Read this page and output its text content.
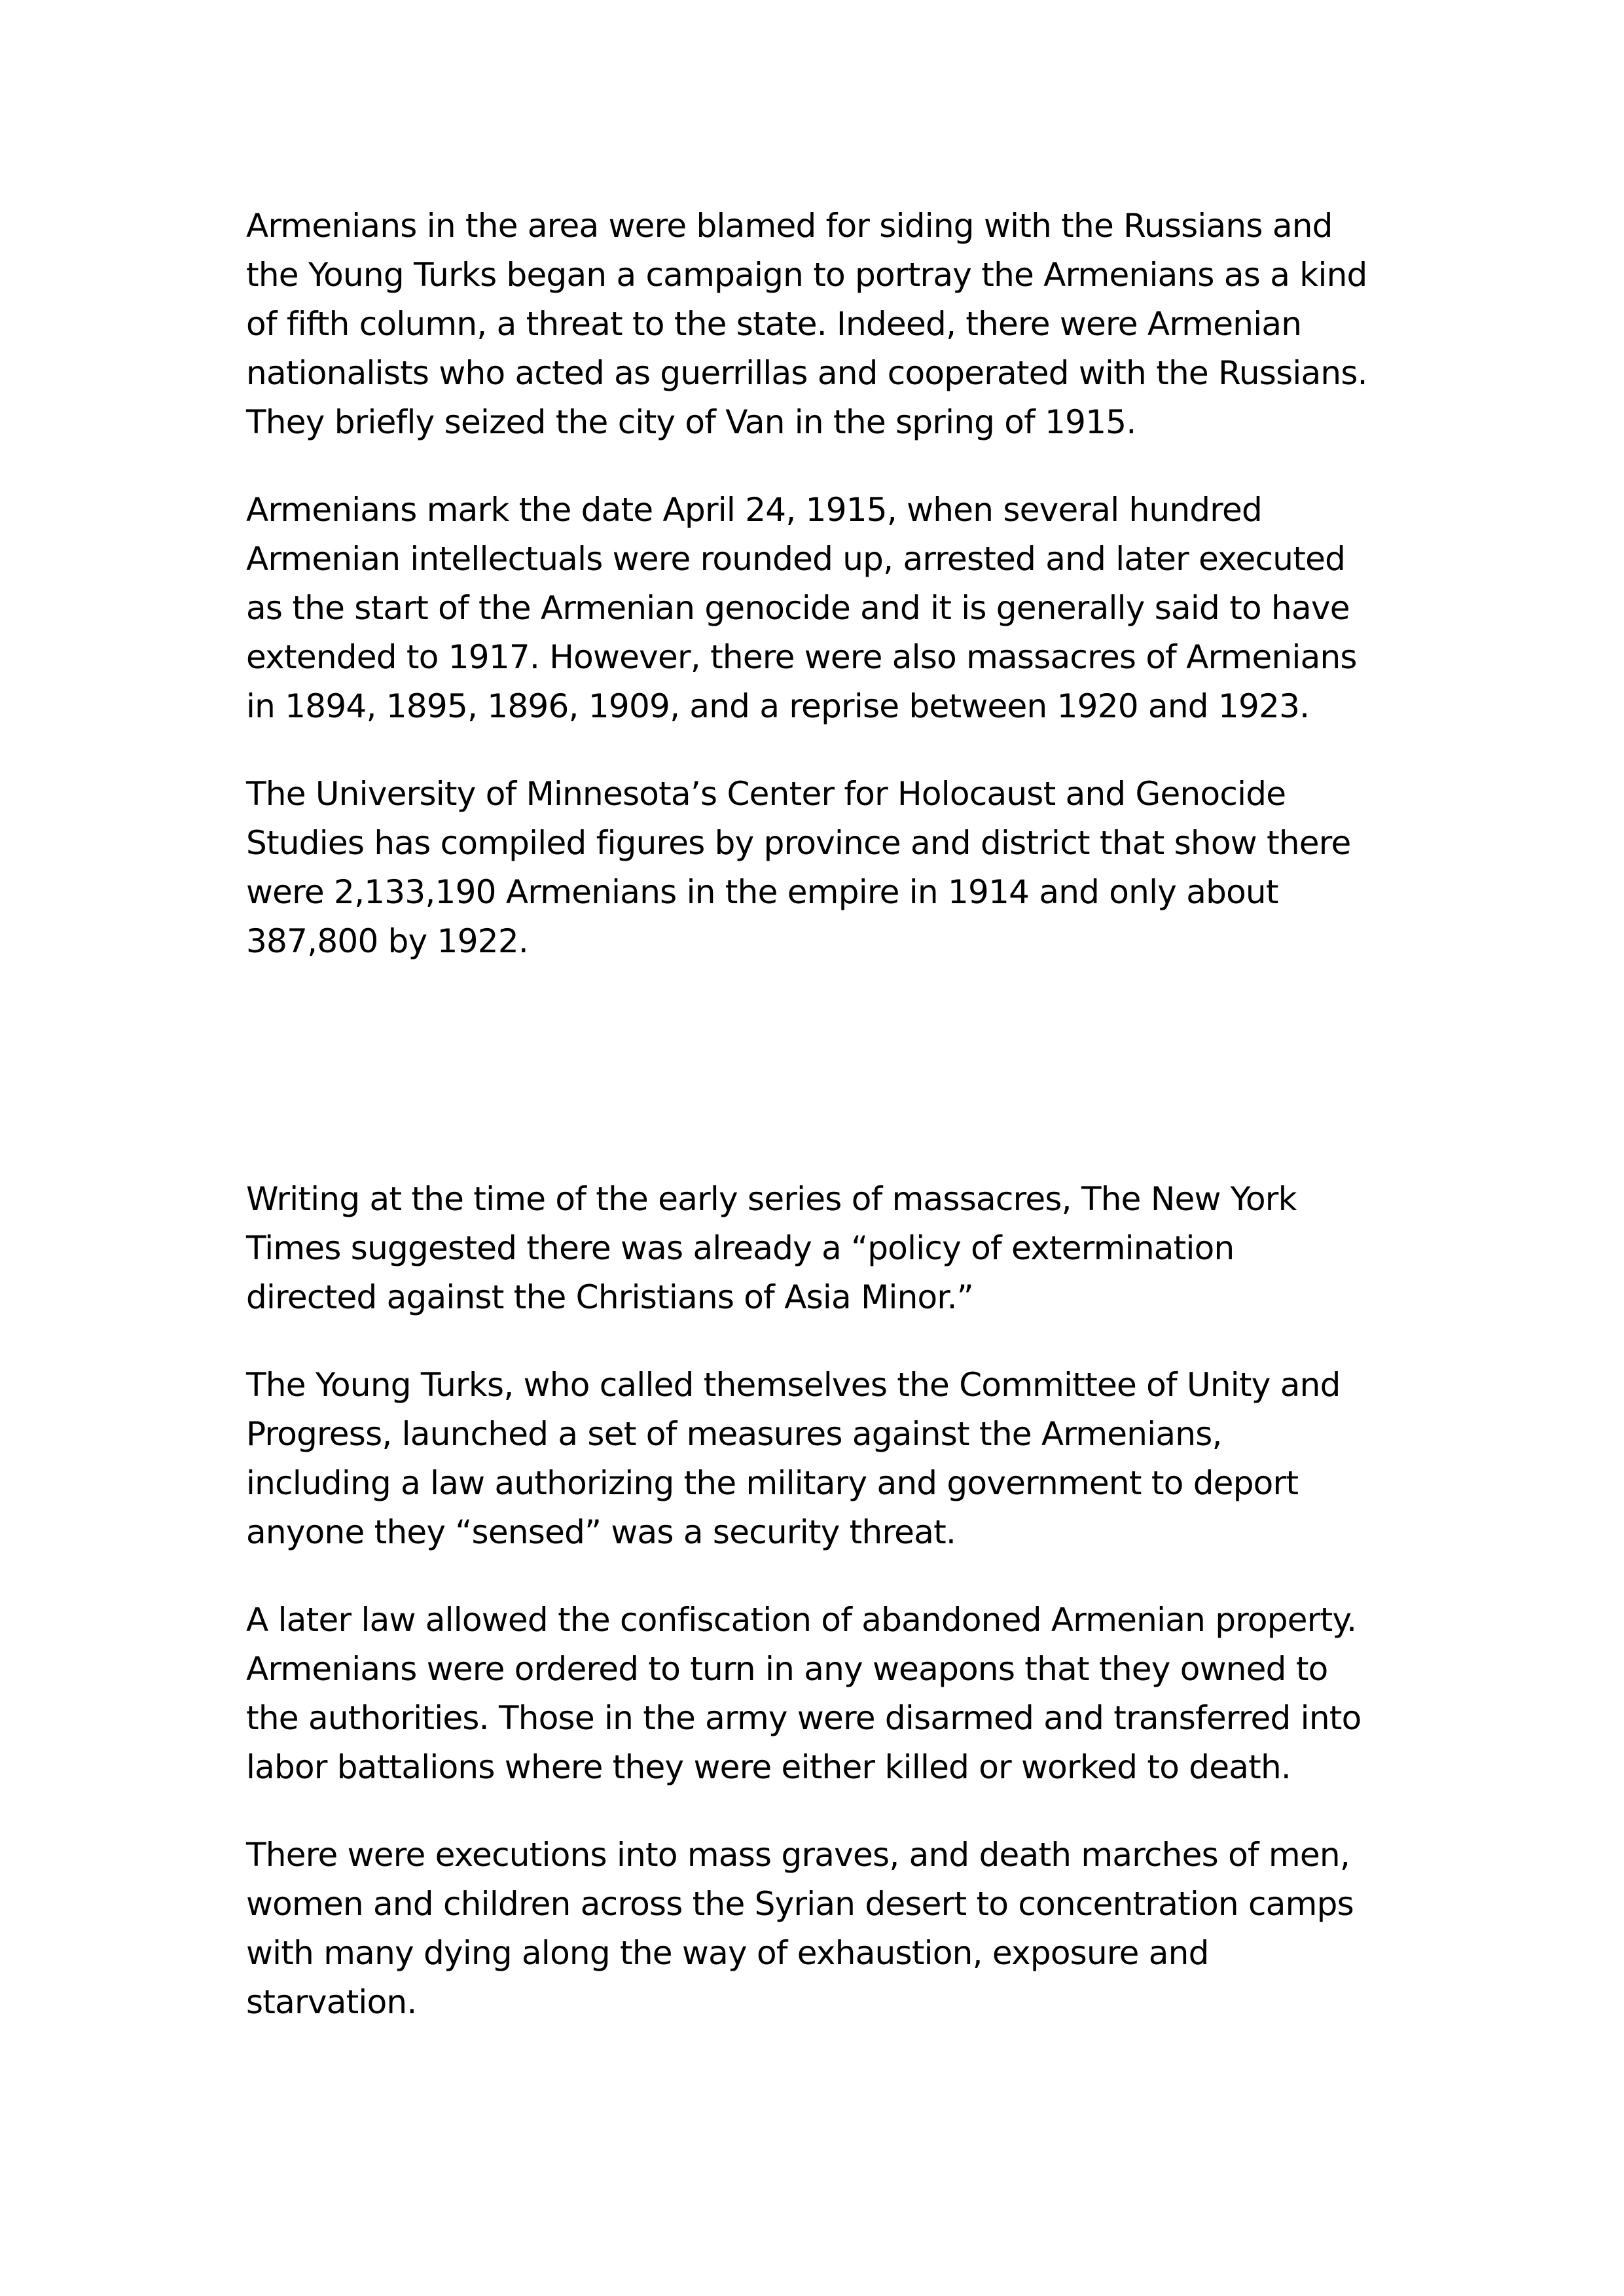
Armenians in the area were blamed for siding with the Russians and
the Young Turks began a campaign to portray the Armenians as a kind
of fifth column, a threat to the state. Indeed, there were Armenian
nationalists who acted as guerrillas and cooperated with the Russians.
They briefly seized the city of Van in the spring of 1915.

Armenians mark the date April 24, 1915, when several hundred
Armenian intellectuals were rounded up, arrested and later executed
as the start of the Armenian genocide and it is generally said to have
extended to 1917. However, there were also massacres of Armenians
in 1894, 1895, 1896, 1909, and a reprise between 1920 and 1923.

The University of Minnesota’s Center for Holocaust and Genocide
Studies has compiled figures by province and district that show there
were 2,133,190 Armenians in the empire in 1914 and only about
387,800 by 1922.

Writing at the time of the early series of massacres, The New York
Times suggested there was already a “policy of extermination
directed against the Christians of Asia Minor.”

The Young Turks, who called themselves the Committee of Unity and
Progress, launched a set of measures against the Armenians,
including a law authorizing the military and government to deport
anyone they “sensed” was a security threat.

A later law allowed the confiscation of abandoned Armenian property.
Armenians were ordered to turn in any weapons that they owned to
the authorities. Those in the army were disarmed and transferred into
labor battalions where they were either killed or worked to death.

There were executions into mass graves, and death marches of men,
women and children across the Syrian desert to concentration camps
with many dying along the way of exhaustion, exposure and
starvation.
